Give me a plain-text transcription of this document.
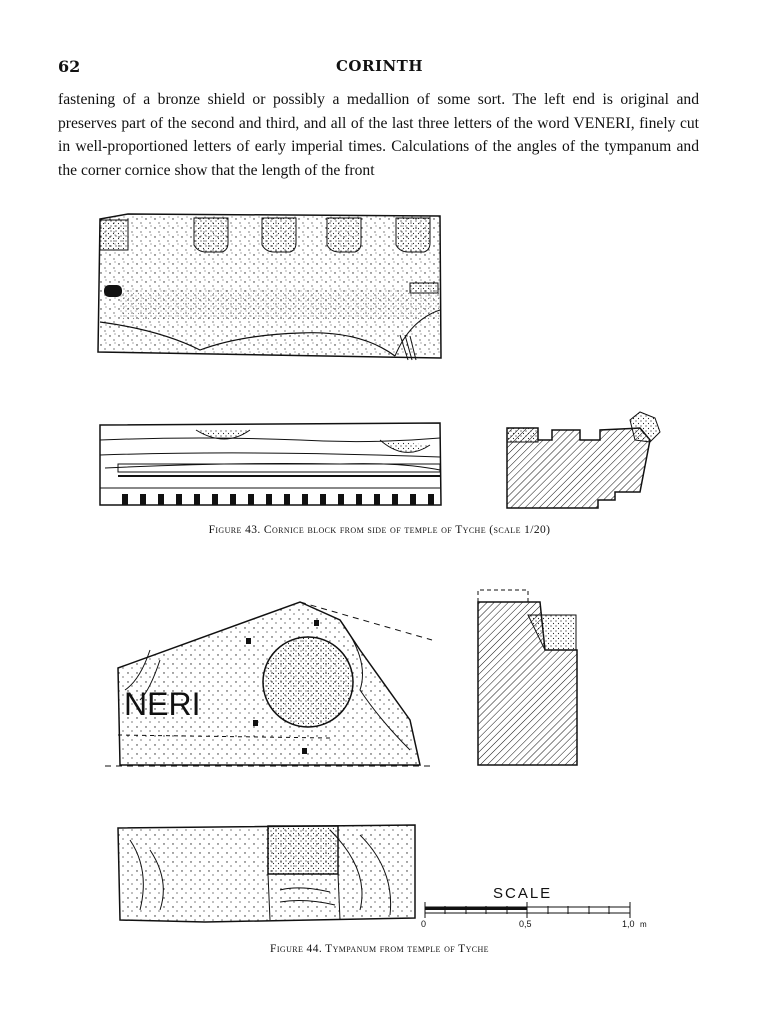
62	CORINTH

fastening of a bronze shield or possibly a medallion of some sort. The left end is original and preserves part of the second and third, and all of the last three letters of the word VENERI, finely cut in well-proportioned letters of early imperial times. Calculations of the angles of the tympanum and the corner cornice show that the length of the front

Figure 43. Cornice block from side of temple of Tyche (scale 1/20)
NERI
SCALE
0	0,5	1,0 m
Figure 44. Tympanum from temple of Tyche
